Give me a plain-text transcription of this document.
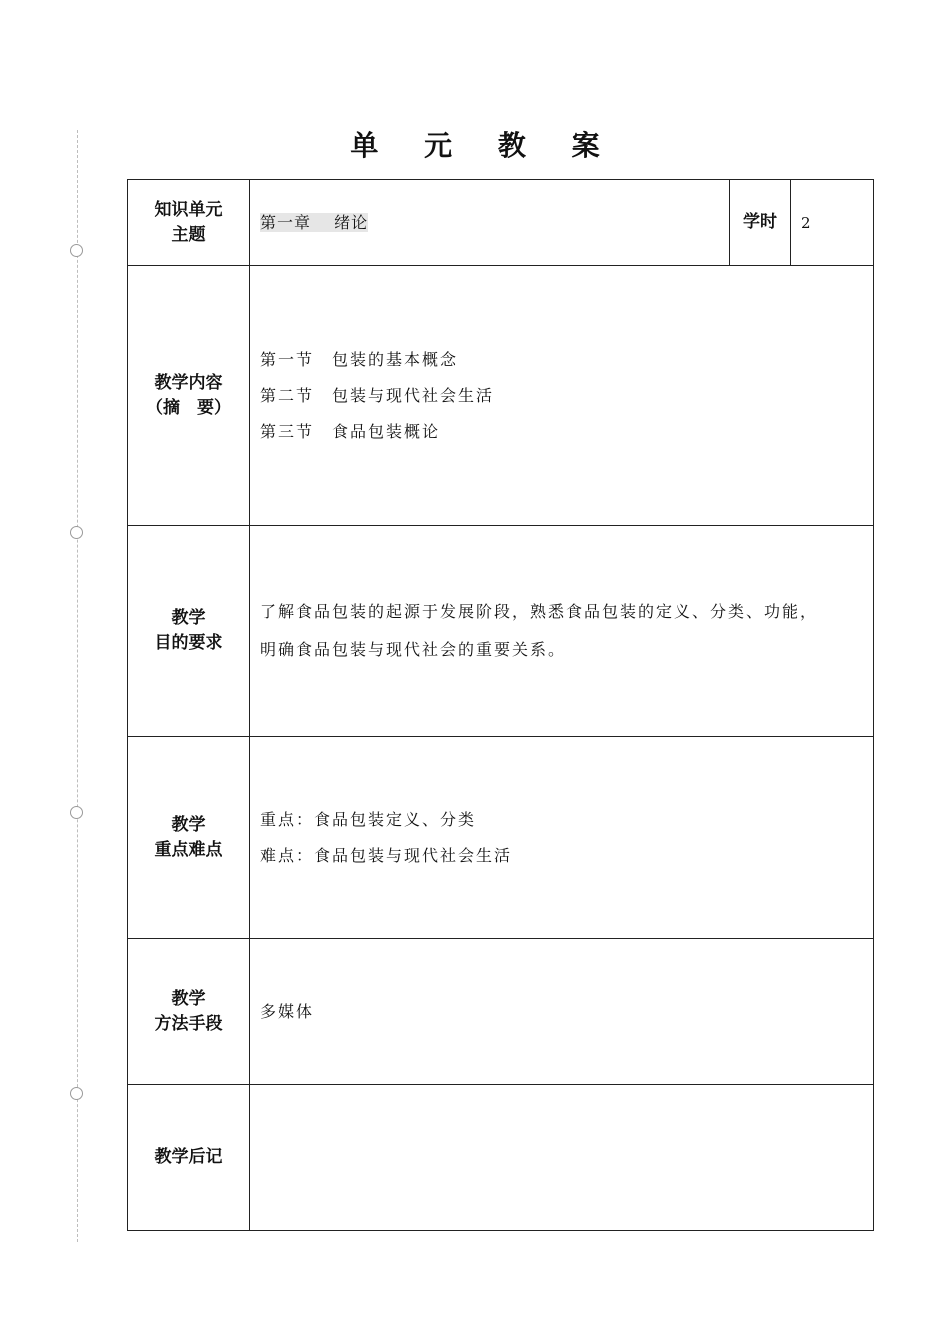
单 元 教 案
知识单元
主题	第一章　 绪论	学时	2

教学内容
（摘　要）	第一节　包装的基本概念
第二节　包装与现代社会生活
第三节　食品包装概论		

教学
目的要求	了解食品包装的起源于发展阶段，熟悉食品包装的定义、分类、功能，
明确食品包装与现代社会的重要关系。		

教学
重点难点	重点：食品包装定义、分类
难点：食品包装与现代社会生活		

教学
方法手段	多媒体		

教学后记			
